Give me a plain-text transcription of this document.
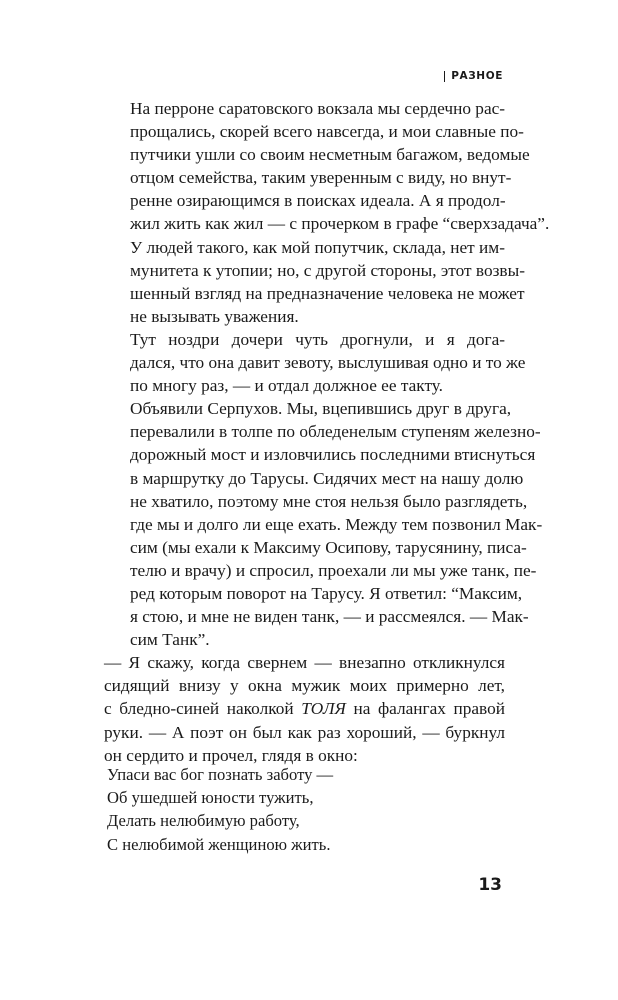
РАЗНОЕ

На перроне саратовского вокзала мы сердечно рас-
прощались, скорей всего навсегда, и мои славные по-
путчики ушли со своим несметным багажом, ведомые
отцом семейства, таким уверенным с виду, но внут-
ренне озирающимся в поисках идеала. А я продол-
жил жить как жил — с прочерком в графе “сверхзадача”.

У людей такого, как мой попутчик, склада, нет им-
мунитета к утопии; но, с другой стороны, этот возвы-
шенный взгляд на предназначение человека не может
не вызывать уважения.

Тут ноздри дочери чуть дрогнули, и я дога-
дался, что она давит зевоту, выслушивая одно и то же
по многу раз, — и отдал должное ее такту.

Объявили Серпухов. Мы, вцепившись друг в друга,
перевалили в толпе по обледенелым ступеням железно-
дорожный мост и изловчились последними втиснуться
в маршрутку до Тарусы. Сидячих мест на нашу долю
не хватило, поэтому мне стоя нельзя было разглядеть,
где мы и долго ли еще ехать. Между тем позвонил Мак-
сим (мы ехали к Максиму Осипову, тарусянину, писа-
телю и врачу) и спросил, проехали ли мы уже танк, пе-
ред которым поворот на Тарусу. Я ответил: “Максим,
я стою, и мне не виден танк, — и рассмеялся. — Мак-
сим Танк”.

— Я скажу, когда свернем — внезапно откликнулся
сидящий внизу у окна мужик моих примерно лет,
с бледно-синей наколкой ТОЛЯ на фалангах правой
руки. — А поэт он был как раз хороший, — буркнул
он сердито и прочел, глядя в окно:

Упаси вас бог познать заботу —
Об ушедшей юности тужить,
Делать нелюбимую работу,
С нелюбимой женщиною жить.
13
